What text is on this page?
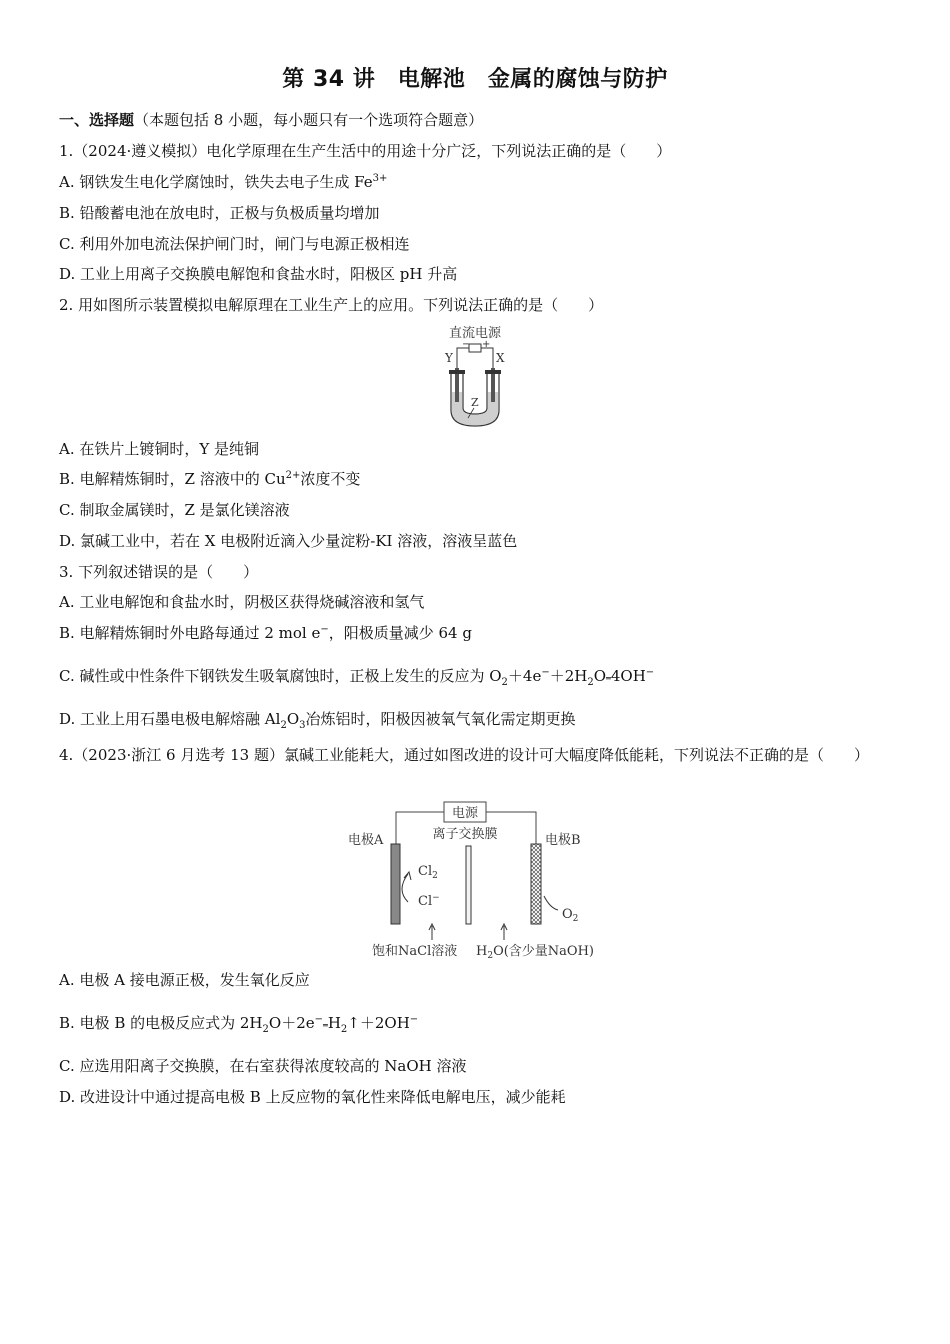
第 34 讲　电解池　金属的腐蚀与防护
一、选择题（本题包括 8 小题，每小题只有一个选项符合题意）
1.（2024·遵义模拟）电化学原理在生产生活中的用途十分广泛，下列说法正确的是（　　）
A. 钢铁发生电化学腐蚀时，铁失去电子生成 $Fe^{3+}$
B. 铅酸蓄电池在放电时，正极与负极质量均增加
C. 利用外加电流法保护闸门时，闸门与电源正极相连
D. 工业上用离子交换膜电解饱和食盐水时，阳极区 pH 升高
2. 用如图所示装置模拟电解原理在工业生产上的应用。下列说法正确的是（　　）
直流电源
− +
Y	X
Z
A. 在铁片上镀铜时，Y 是纯铜
B. 电解精炼铜时，Z 溶液中的 $Cu^{2+}$浓度不变
C. 制取金属镁时，Z 是氯化镁溶液
D. 氯碱工业中，若在 X 电极附近滴入少量淀粉-KI 溶液，溶液呈蓝色
3. 下列叙述错误的是（　　）
A. 工业电解饱和食盐水时，阴极区获得烧碱溶液和氢气
B. 电解精炼铜时外电路每通过 2 mol e−，阳极质量减少 64 g
C. 碱性或中性条件下钢铁发生吸氧腐蚀时，正极上发生的反应为 $O_2+4e^-+2H_2O═4OH^-$
D. 工业上用石墨电极电解熔融 $Al_2O_3$冶炼铝时，阳极因被氧气氧化需定期更换
4.（2023·浙江 6 月选考 13 题）氯碱工业能耗大，通过如图改进的设计可大幅度降低能耗，下列说法不正确的是（　　）
电源
离子交换膜
电极A	电极B
$Cl_2$
Cl−
$O_2$
饱和NaCl溶液 $H_2O$(含少量NaOH)
A. 电极 A 接电源正极，发生氧化反应
B. 电极 B 的电极反应式为 $2H_2O+2e^-═H_2↑+2OH^-$
C. 应选用阳离子交换膜，在右室获得浓度较高的 NaOH 溶液
D. 改进设计中通过提高电极 B 上反应物的氧化性来降低电解电压，减少能耗
